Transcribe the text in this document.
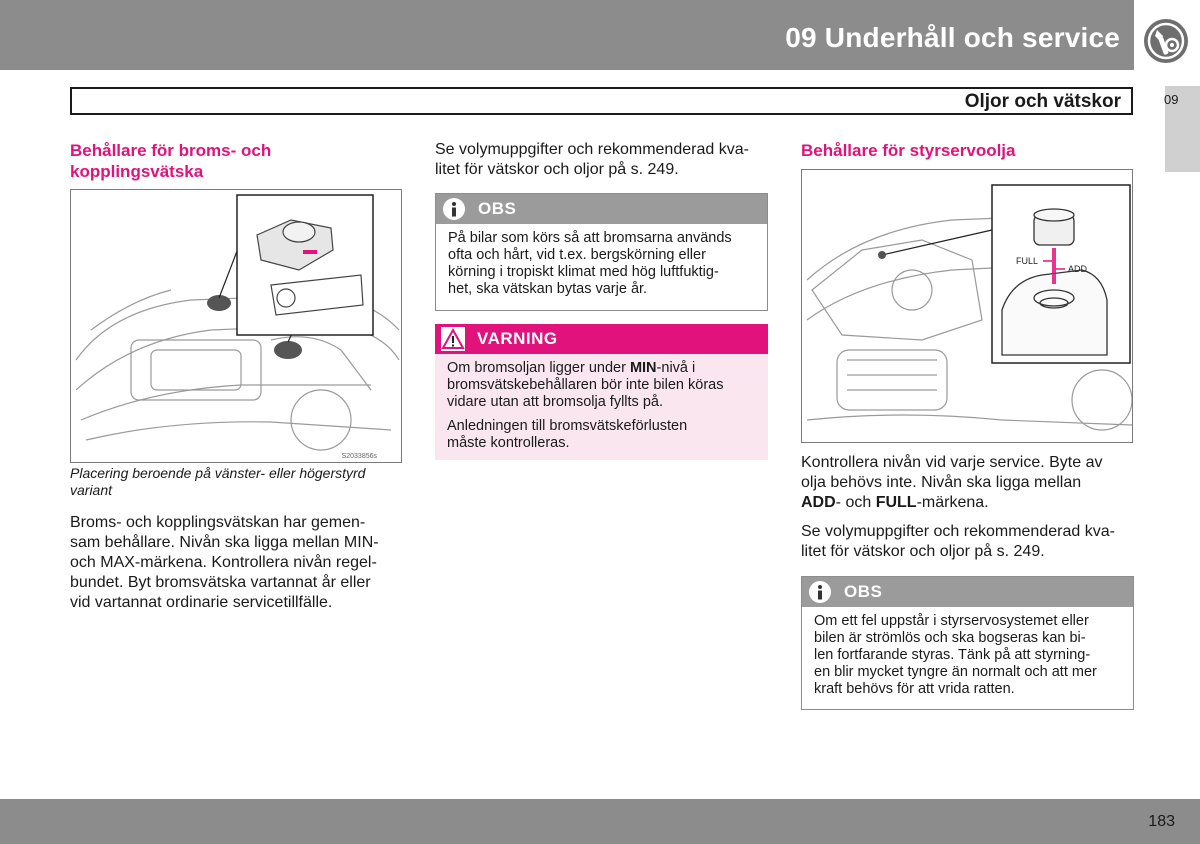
09 Underhåll och service
Oljor och vätskor	09
Behållare för broms- och kopplingsvätska
S2033856s
Placering beroende på vänster- eller högerstyrd variant
Broms- och kopplingsvätskan har gemen-
sam behållare. Nivån ska ligga mellan MIN-
och MAX-märkena. Kontrollera nivån regel-
bundet. Byt bromsvätska vartannat år eller
vid vartannat ordinarie servicetillfälle.
Se volymuppgifter och rekommenderad kva-
litet för vätskor och oljor på s. 249.
OBS
På bilar som körs så att bromsarna används
ofta och hårt, vid t.ex. bergskörning eller
körning i tropiskt klimat med hög luftfuktig-
het, ska vätskan bytas varje år.
VARNING

Om bromsoljan ligger under MIN-nivå i
bromsvätskebehållaren bör inte bilen köras
vidare utan att bromsolja fyllts på.

Anledningen till bromsvätskeförlusten
måste kontrolleras.

Behållare för styrservoolja
FULL
ADD
Kontrollera nivån vid varje service. Byte av
olja behövs inte. Nivån ska ligga mellan
ADD- och FULL-märkena.
Se volymuppgifter och rekommenderad kva-
litet för vätskor och oljor på s. 249.
OBS
Om ett fel uppstår i styrservosystemet eller
bilen är strömlös och ska bogseras kan bi-
len fortfarande styras. Tänk på att styrning-
en blir mycket tyngre än normalt och att mer
kraft behövs för att vrida ratten.
183
